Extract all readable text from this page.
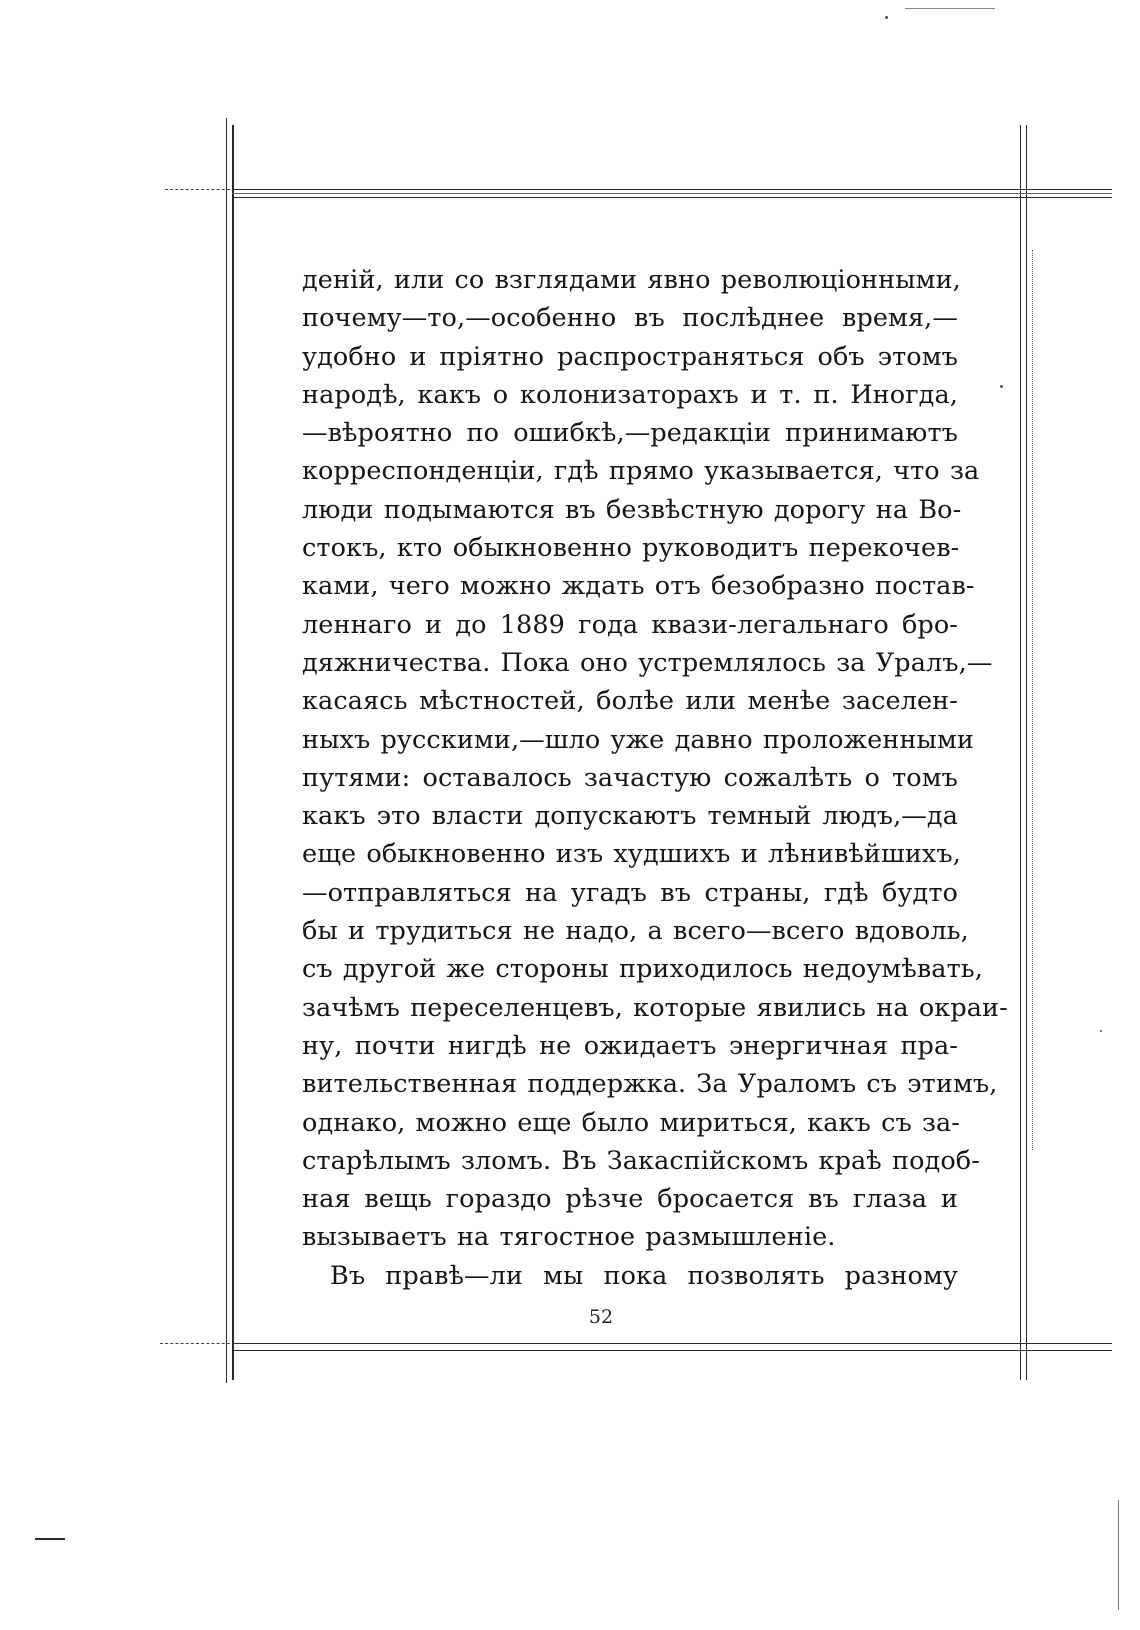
деній, или со взглядами явно революціонными,
почему—то,—особенно въ послѣднее время,—
удобно и пріятно распространяться объ этомъ
народѣ, какъ о колонизаторахъ и т. п. Иногда,
—вѣроятно по ошибкѣ,—редакціи принимаютъ
корреспонденціи, гдѣ прямо указывается, что за
люди подымаются въ безвѣстную дорогу на Во-
стокъ, кто обыкновенно руководитъ перекочев-
ками, чего можно ждать отъ безобразно постав-
леннаго и до 1889 года квази-легальнаго бро-
дяжничества. Пока оно устремлялось за Уралъ,—
касаясь мѣстностей, болѣе или менѣе заселен-
ныхъ русскими,—шло уже давно проложенными
путями: оставалось зачастую сожалѣть о томъ
какъ это власти допускаютъ темный людъ,—да
еще обыкновенно изъ худшихъ и лѣнивѣйшихъ,
—отправляться на угадъ въ страны, гдѣ будто
бы и трудиться не надо, а всего—всего вдоволь,
съ другой же стороны приходилось недоумѣвать,
зачѣмъ переселенцевъ, которые явились на окраи-
ну, почти нигдѣ не ожидаетъ энергичная пра-
вительственная поддержка. За Ураломъ съ этимъ,
однако, можно еще было мириться, какъ съ за-
старѣлымъ зломъ. Въ Закаспійскомъ краѣ подоб-
ная вещь гораздо рѣзче бросается въ глаза и
вызываетъ на тягостное размышленіе.
Въ правѣ—ли мы пока позволять разному
52
